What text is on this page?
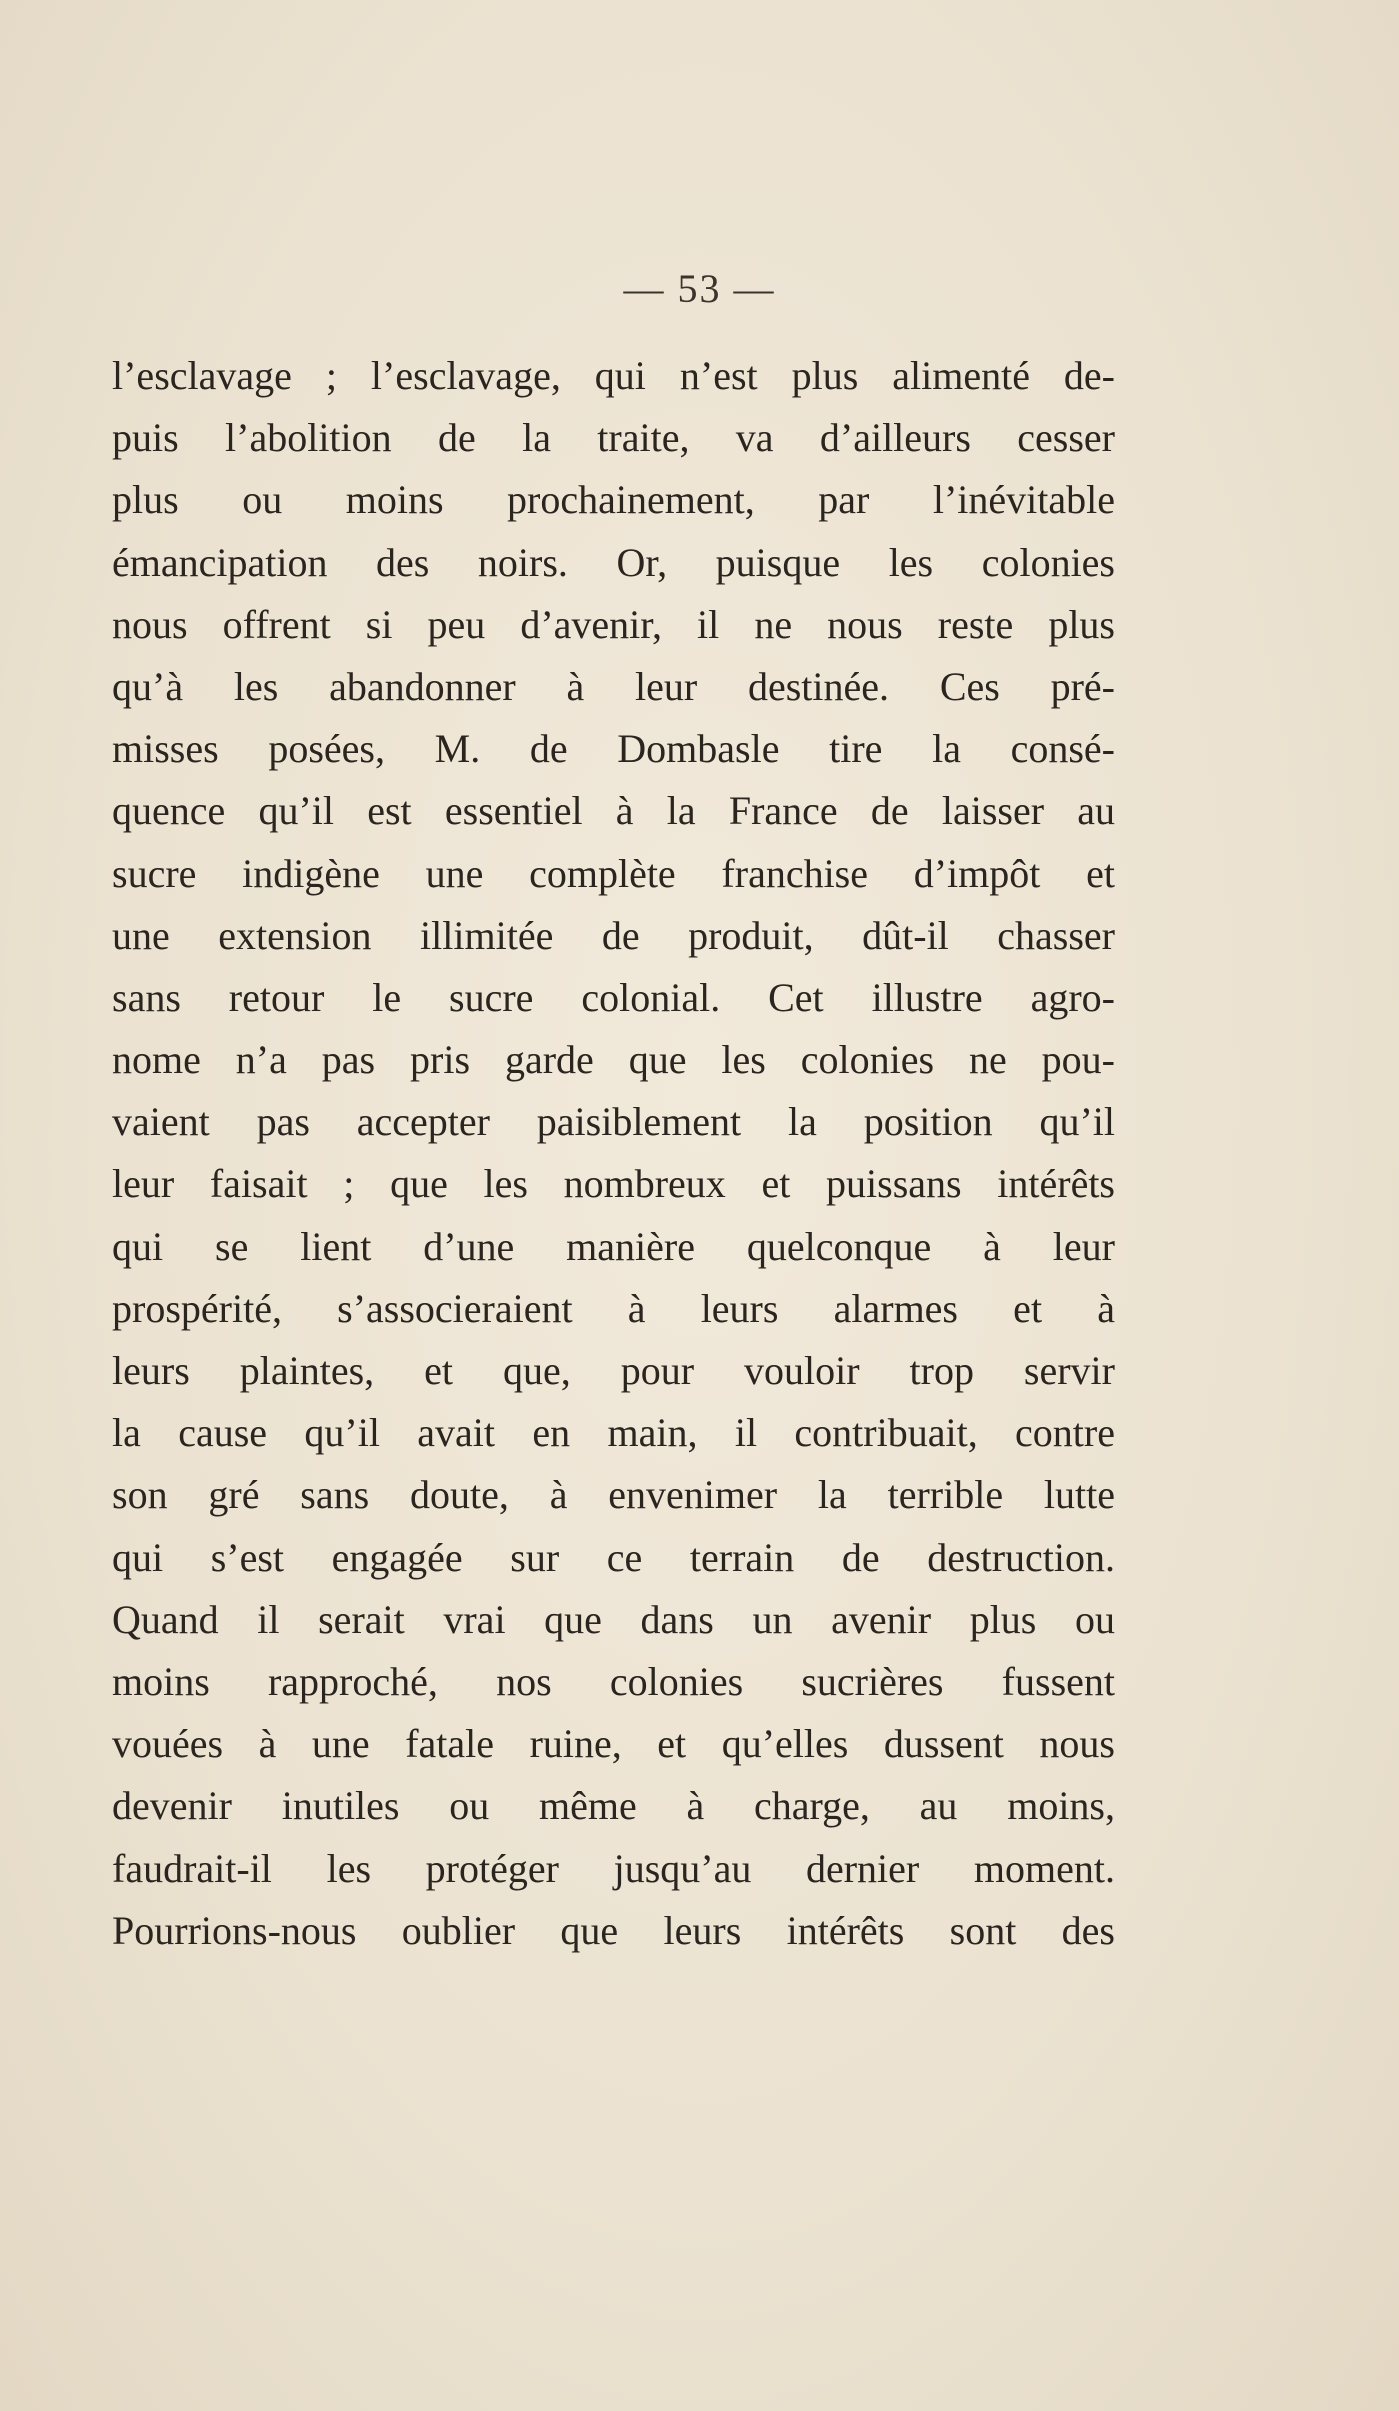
— 53 —
l’esclavage ; l’esclavage, qui n’est plus alimenté de-
puis l’abolition de la traite, va d’ailleurs cesser
plus ou moins prochainement, par l’inévitable
émancipation des noirs. Or, puisque les colonies
nous offrent si peu d’avenir, il ne nous reste plus
qu’à les abandonner à leur destinée. Ces pré-
misses posées, M. de Dombasle tire la consé-
quence qu’il est essentiel à la France de laisser au
sucre indigène une complète franchise d’impôt et
une extension illimitée de produit, dût-il chasser
sans retour le sucre colonial. Cet illustre agro-
nome n’a pas pris garde que les colonies ne pou-
vaient pas accepter paisiblement la position qu’il
leur faisait ; que les nombreux et puissans intérêts
qui se lient d’une manière quelconque à leur
prospérité, s’associeraient à leurs alarmes et à
leurs plaintes, et que, pour vouloir trop servir
la cause qu’il avait en main, il contribuait, contre
son gré sans doute, à envenimer la terrible lutte
qui s’est engagée sur ce terrain de destruction.
Quand il serait vrai que dans un avenir plus ou
moins rapproché, nos colonies sucrières fussent
vouées à une fatale ruine, et qu’elles dussent nous
devenir inutiles ou même à charge, au moins,
faudrait-il les protéger jusqu’au dernier moment.
Pourrions-nous oublier que leurs intérêts sont des
